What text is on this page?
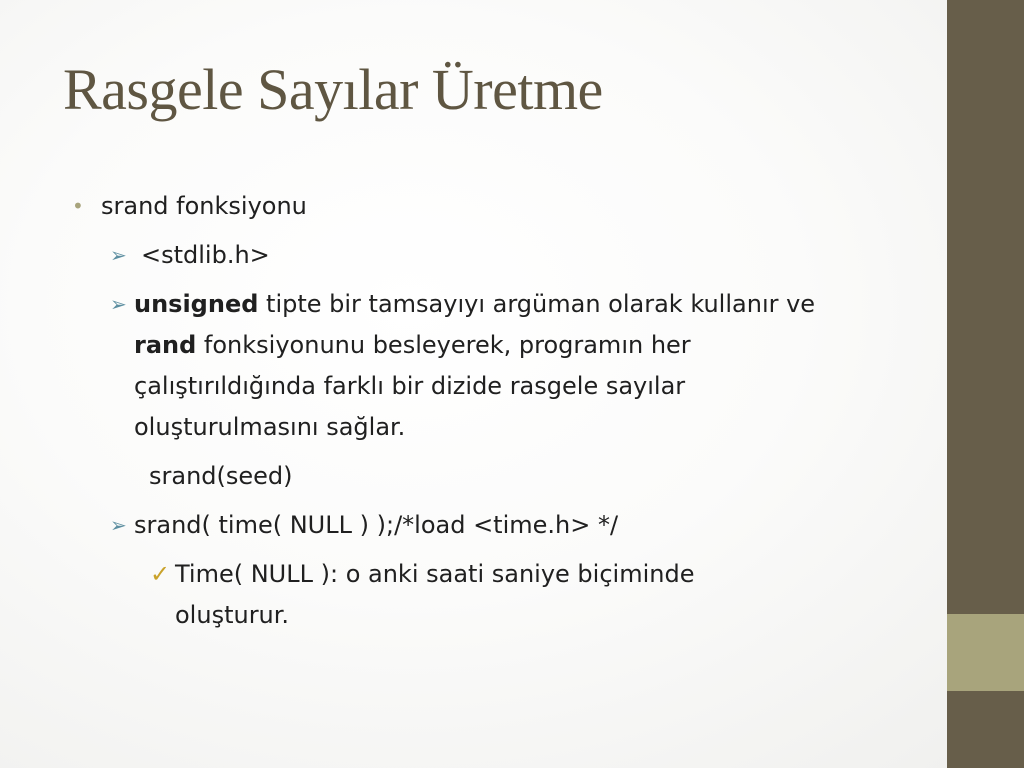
Rasgele Sayılar Üretme
• srand fonksiyonu
➢ <stdlib.h>
➢ unsigned tipte bir tamsayıyı argüman olarak kullanır ve
rand fonksiyonunu besleyerek, programın her
çalıştırıldığında farklı bir dizide rasgele sayılar
oluşturulmasını sağlar.
srand(seed)
➢ srand( time( NULL ) );/*load <time.h> */
✓ Time( NULL ): o anki saati saniye biçiminde
oluşturur.
